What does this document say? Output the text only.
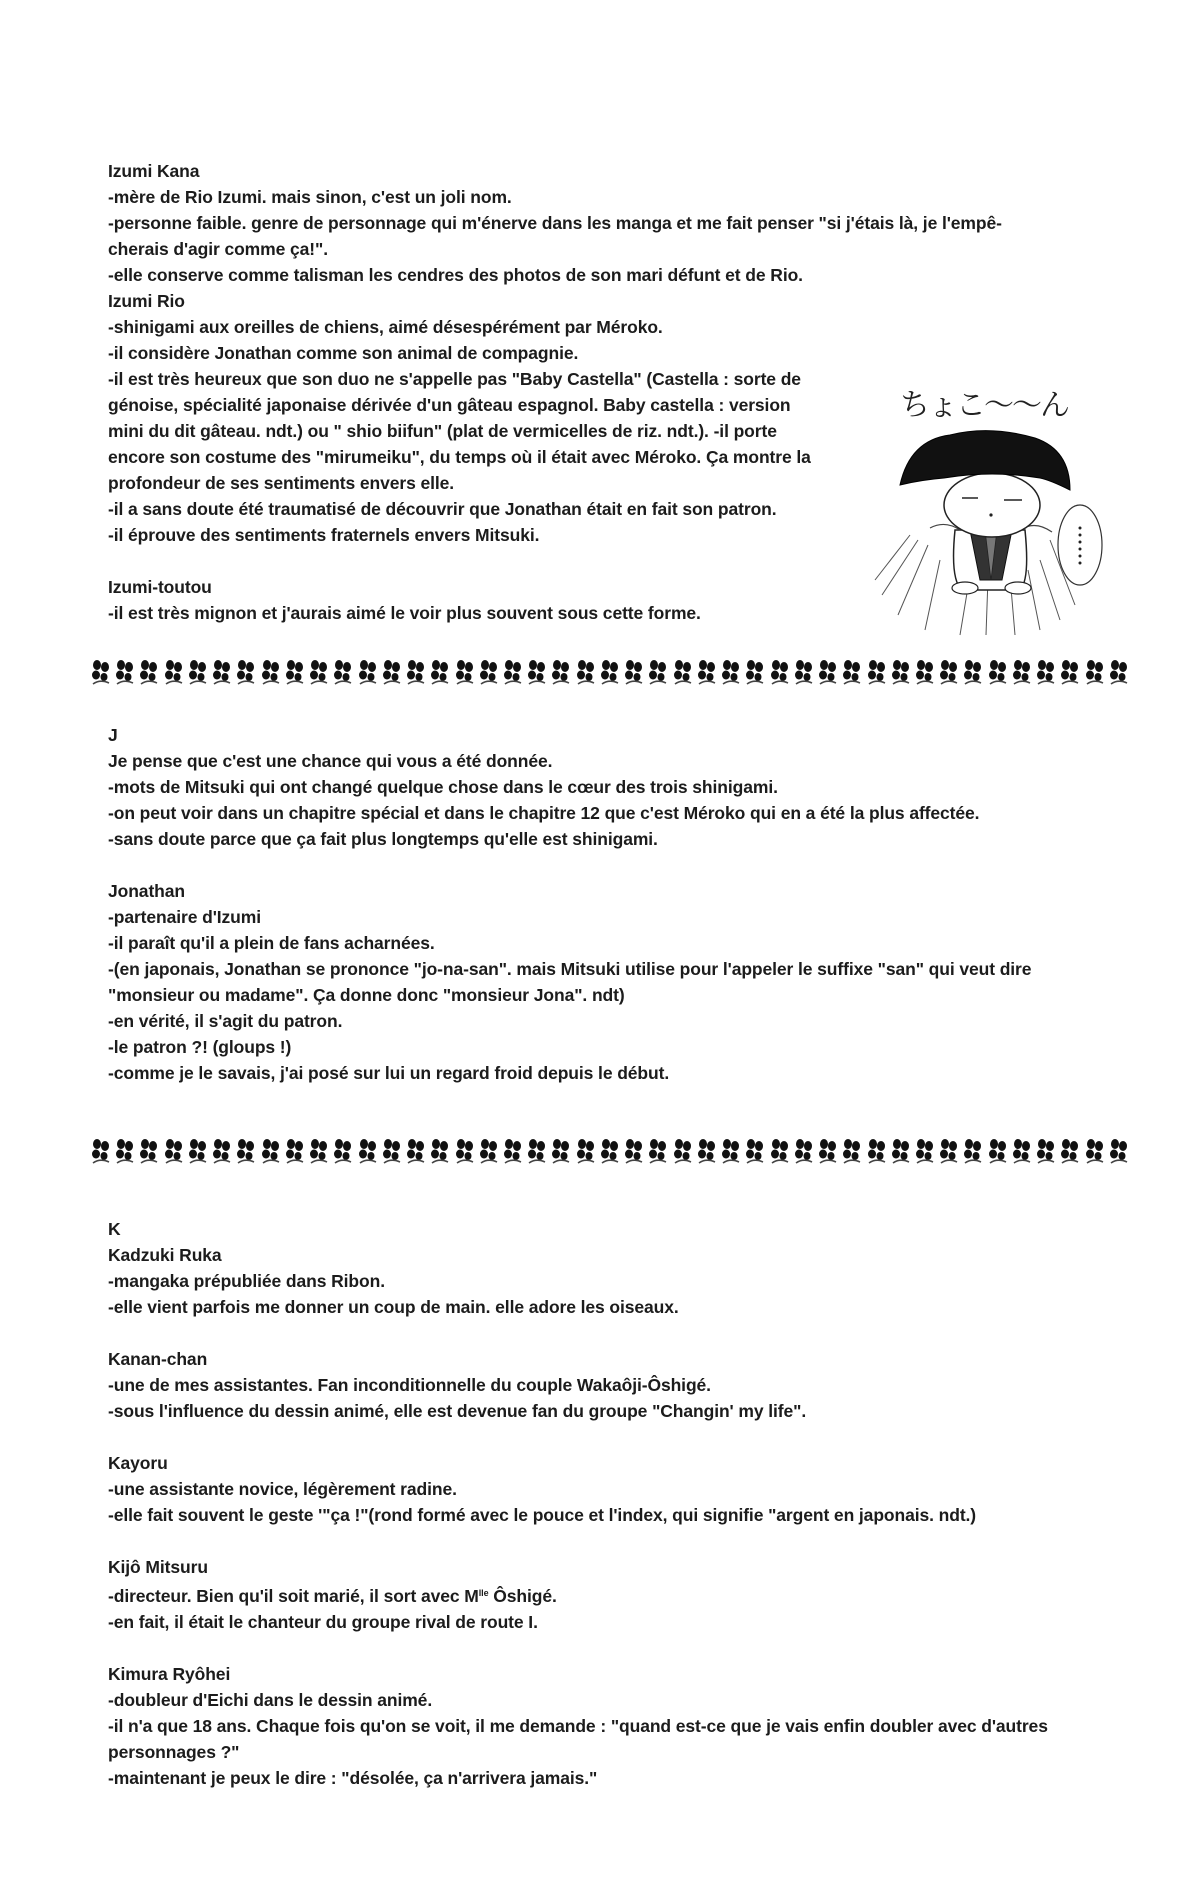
Izumi Kana
-mère de Rio Izumi. mais sinon, c'est un joli nom.
-personne faible. genre de personnage qui m'énerve dans les manga et me fait penser "si j'étais là, je l'empê-
cherais d'agir comme ça!".
-elle conserve comme talisman les cendres des photos de son mari défunt et de Rio.
Izumi Rio
-shinigami aux oreilles de chiens, aimé désespérément par Méroko.
-il considère Jonathan comme son animal de compagnie.
-il est très heureux que son duo ne s'appelle pas "Baby Castella" (Castella : sorte de
génoise, spécialité japonaise dérivée d'un gâteau espagnol. Baby castella : version
mini du dit gâteau. ndt.) ou " shio biifun" (plat de vermicelles de riz. ndt.). -il porte
encore son costume des "mirumeiku", du temps où il était avec Méroko. Ça montre la
profondeur de ses sentiments envers elle.
-il a sans doute été traumatisé de découvrir que Jonathan était en fait son patron.
-il éprouve des sentiments fraternels envers Mitsuki.
Izumi-toutou
-il est très mignon et j'aurais aimé le voir plus souvent sous cette forme.
ちょこ〜〜ん
J
Je pense que c'est une chance qui vous a été donnée.
-mots de Mitsuki qui ont changé quelque chose dans le cœur des trois shinigami.
-on peut voir dans un chapitre spécial et dans le chapitre 12 que c'est Méroko qui en a été la plus affectée.
-sans doute parce que ça fait plus longtemps qu'elle est shinigami.
Jonathan
-partenaire d'Izumi
-il paraît qu'il a plein de fans acharnées.
-(en japonais, Jonathan se prononce "jo-na-san". mais Mitsuki utilise pour l'appeler le suffixe "san" qui veut dire
"monsieur ou madame". Ça donne donc "monsieur Jona". ndt)
-en vérité, il s'agit du patron.
-le patron ?! (gloups !)
-comme je le savais, j'ai posé sur lui un regard froid depuis le début.
K
Kadzuki Ruka
-mangaka prépubliée dans Ribon.
-elle vient parfois me donner un coup de main. elle adore les oiseaux.
Kanan-chan
-une de mes assistantes. Fan inconditionnelle du couple Wakaôji-Ôshigé.
-sous l'influence du dessin animé, elle est devenue fan du groupe "Changin' my life".
Kayoru
-une assistante novice, légèrement radine.
-elle fait souvent le geste '"ça !"(rond formé avec le pouce et l'index, qui signifie "argent en japonais. ndt.)
Kijô Mitsuru
-directeur. Bien qu'il soit marié, il sort avec $M^{lle}$ Ôshigé.
-en fait, il était le chanteur du groupe rival de route I.
Kimura Ryôhei
-doubleur d'Eichi dans le dessin animé.
-il n'a que 18 ans. Chaque fois qu'on se voit, il me demande : "quand est-ce que je vais enfin doubler avec d'autres
personnages ?"
-maintenant je peux le dire : "désolée, ça n'arrivera jamais."
